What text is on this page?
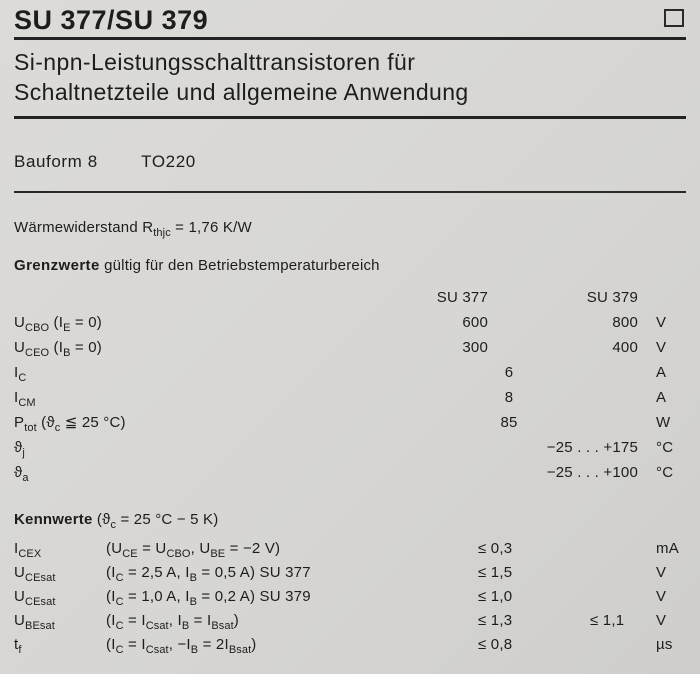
SU 377/SU 379
Si-npn-Leistungsschalttransistoren für
Schaltnetzteile und allgemeine Anwendung
Bauform 8	TO220
Wärmewiderstand $R_{thjc} = 1,76$ K/W
Grenzwerte gültig für den Betriebstemperaturbereich
SU 377	SU 379
$U_{CBO}$ $(I_E = 0)$	600	800	V
$U_{CEO}$ $(I_B = 0)$	300	400	V
$I_C$	6	A
$I_{CM}$	8	A
$P_{tot}$ ($ϑ_c$ ≦ 25 °C)	85	W
$ϑ_j$	−25 . . . +175	°C
$ϑ_a$	−25 . . . +100	°C
Kennwerte ($ϑ_c = 25$ °C − 5 K)
$I_{CEX}$	($U_{CE} = U_{CBO}$, $U_{BE} = -2$ V)	≤ 0,3	mA
$U_{CEsat}$	($I_C = 2,5$ A, $I_B = 0,5$ A) SU 377	≤ 1,5	V
$U_{CEsat}$	($I_C = 1,0$ A, $I_B = 0,2$ A) SU 379	≤ 1,0	V
$U_{BEsat}$	($I_C = I_{Csat}$, $I_B = I_{Bsat}$)	≤ 1,3	≤ 1,1	V
$t_f$	($I_C = I_{Csat}$, $-I_B = 2I_{Bsat}$)	≤ 0,8	µs
